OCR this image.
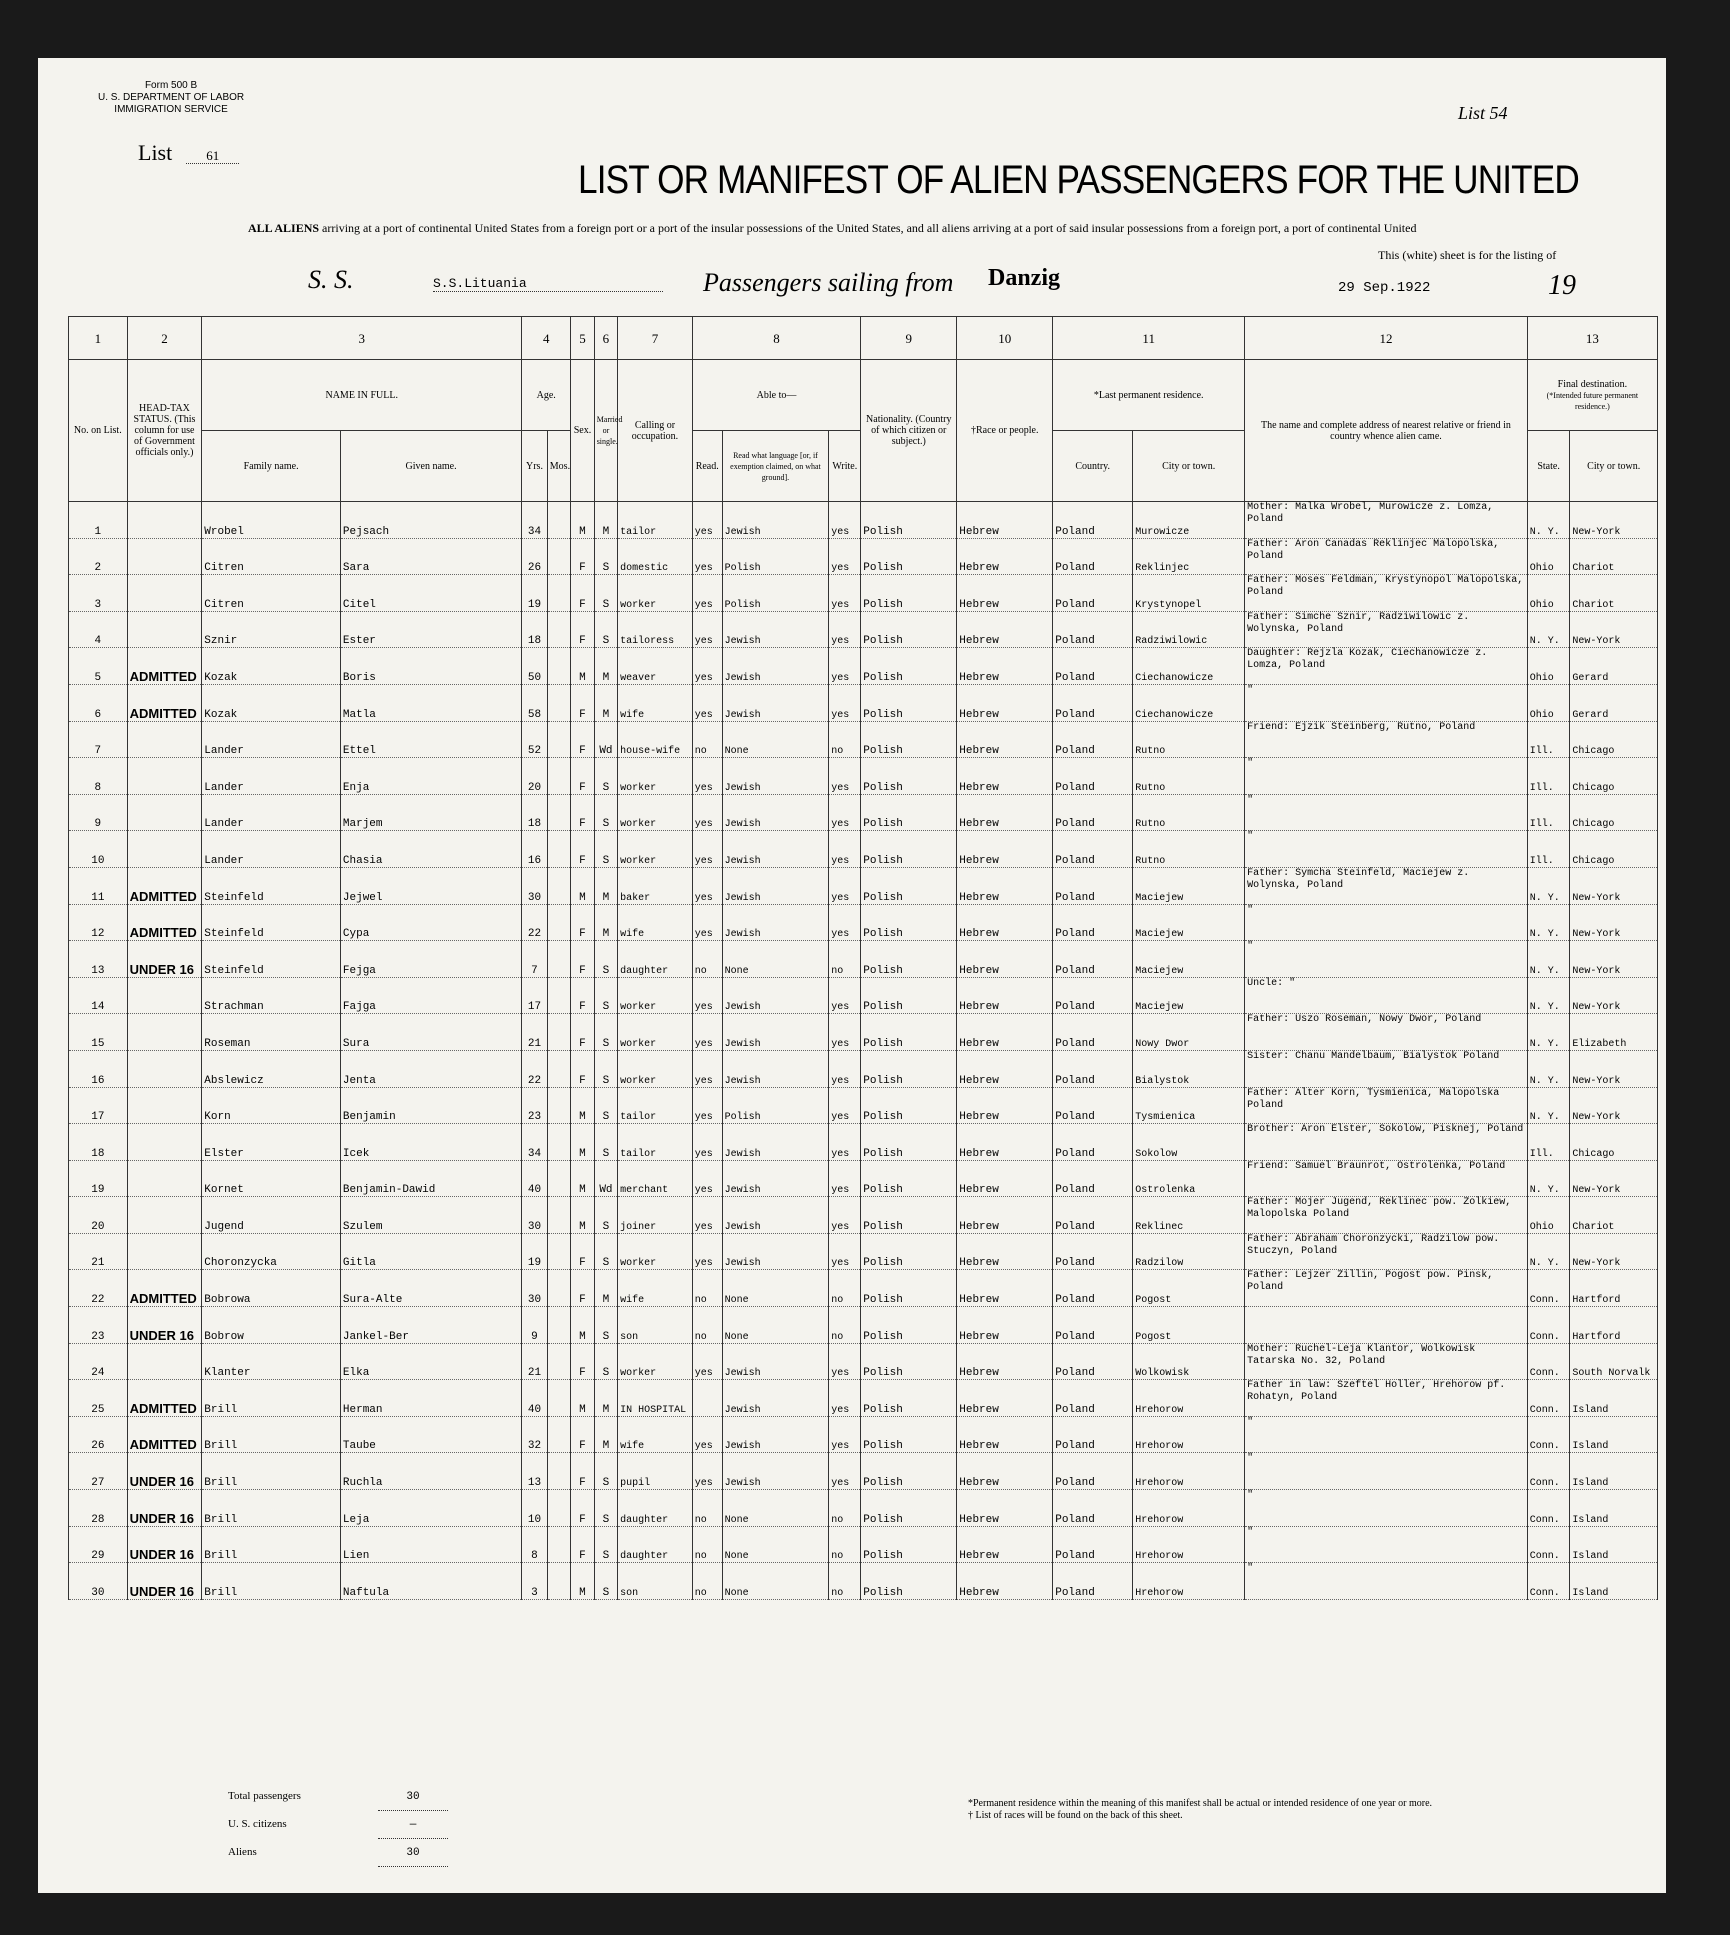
Form 500 B
U. S. DEPARTMENT OF LABOR
IMMIGRATION SERVICE
List	61
List 54
LIST OR MANIFEST OF ALIEN PASSENGERS FOR THE UNITED
ALL ALIENS arriving at a port of continental United States from a foreign port or a port of the insular possessions of the United States, and all aliens arriving at a port of said insular possessions from a foreign port, a port of continental United
This (white) sheet is for the listing of
S. S.	S.S.Lituania	Passengers sailing from Danzig	29 Sep.1922	19
1	2	3		4		5	6	7	8			9	10	11		12	13	
No. on List.	HEAD-TAX STATUS. (This column for use of Government officials only.)	NAME IN FULL.		Age.		Sex.	Married or single.	Calling or occupation.	Able to—			Nationality. (Country of which citizen or subject.)	†Race or people.	*Last permanent residence.		The name and complete address of nearest relative or friend in country whence alien came.	Final destination.
(*Intended future permanent residence.)	
		Family name.	Given name.	Yrs.	Mos.				Read.	Read what language [or, if exemption claimed, on what ground].	Write.			Country.	City or town.		State.	City or town.
1		Wrobel	Pejsach	34		M	M	tailor	yes	Jewish	yes	Polish	Hebrew	Poland	Murowicze	Mother: Malka Wrobel, Murowicze z. Lomza, Poland	N. Y.	New-York
2		Citren	Sara	26		F	S	domestic	yes	Polish	yes	Polish	Hebrew	Poland	Reklinjec	Father: Aron Canadas Reklinjec Malopolska, Poland	Ohio	Chariot
3		Citren	Citel	19		F	S	worker	yes	Polish	yes	Polish	Hebrew	Poland	Krystynopel	Father: Moses Feldman, Krystynopol Malopolska, Poland	Ohio	Chariot
4		Sznir	Ester	18		F	S	tailoress	yes	Jewish	yes	Polish	Hebrew	Poland	Radziwilowic	Father: Simche Sznir, Radziwilowic z. Wolynska, Poland	N. Y.	New-York
5	ADMITTED	Kozak	Boris	50		M	M	weaver	yes	Jewish	yes	Polish	Hebrew	Poland	Ciechanowicze	Daughter: Rejzla Kozak, Ciechanowicze z. Lomza, Poland	Ohio	Gerard
6	ADMITTED	Kozak	Matla	58		F	M	wife	yes	Jewish	yes	Polish	Hebrew	Poland	Ciechanowicze	"	Ohio	Gerard
7		Lander	Ettel	52		F	Wd	house-wife	no	None	no	Polish	Hebrew	Poland	Rutno	Friend: Ejzik Steinberg, Rutno, Poland	Ill.	Chicago
8		Lander	Enja	20		F	S	worker	yes	Jewish	yes	Polish	Hebrew	Poland	Rutno	"	Ill.	Chicago
9		Lander	Marjem	18		F	S	worker	yes	Jewish	yes	Polish	Hebrew	Poland	Rutno	"	Ill.	Chicago
10		Lander	Chasia	16		F	S	worker	yes	Jewish	yes	Polish	Hebrew	Poland	Rutno	"	Ill.	Chicago
11	ADMITTED	Steinfeld	Jejwel	30		M	M	baker	yes	Jewish	yes	Polish	Hebrew	Poland	Maciejew	Father: Symcha Steinfeld, Maciejew z. Wolynska, Poland	N. Y.	New-York
12	ADMITTED	Steinfeld	Cypa	22		F	M	wife	yes	Jewish	yes	Polish	Hebrew	Poland	Maciejew	"	N. Y.	New-York
13	UNDER 16	Steinfeld	Fejga	7		F	S	daughter	no	None	no	Polish	Hebrew	Poland	Maciejew	"	N. Y.	New-York
14		Strachman	Fajga	17		F	S	worker	yes	Jewish	yes	Polish	Hebrew	Poland	Maciejew	Uncle: "	N. Y.	New-York
15		Roseman	Sura	21		F	S	worker	yes	Jewish	yes	Polish	Hebrew	Poland	Nowy Dwor	Father: Uszo Roseman, Nowy Dwor, Poland	N. Y.	Elizabeth
16		Abslewicz	Jenta	22		F	S	worker	yes	Jewish	yes	Polish	Hebrew	Poland	Bialystok	Sister: Chanu Mandelbaum, Bialystok Poland	N. Y.	New-York
17		Korn	Benjamin	23		M	S	tailor	yes	Polish	yes	Polish	Hebrew	Poland	Tysmienica	Father: Alter Korn, Tysmienica, Malopolska Poland	N. Y.	New-York
18		Elster	Icek	34		M	S	tailor	yes	Jewish	yes	Polish	Hebrew	Poland	Sokolow	Brother: Aron Elster, Sokolow, Pisknej, Poland	Ill.	Chicago
19		Kornet	Benjamin-Dawid	40		M	Wd	merchant	yes	Jewish	yes	Polish	Hebrew	Poland	Ostrolenka	Friend: Samuel Braunrot, Ostrolenka, Poland	N. Y.	New-York
20		Jugend	Szulem	30		M	S	joiner	yes	Jewish	yes	Polish	Hebrew	Poland	Reklinec	Father: Mojer Jugend, Reklinec pow. Zolkiew, Malopolska Poland	Ohio	Chariot
21		Choronzycka	Gitla	19		F	S	worker	yes	Jewish	yes	Polish	Hebrew	Poland	Radzilow	Father: Abraham Choronzycki, Radzilow pow. Stuczyn, Poland	N. Y.	New-York
22	ADMITTED	Bobrowa	Sura-Alte	30		F	M	wife	no	None	no	Polish	Hebrew	Poland	Pogost	Father: Lejzer Zillin, Pogost pow. Pinsk, Poland	Conn.	Hartford
23	UNDER 16	Bobrow	Jankel-Ber	9		M	S	son	no	None	no	Polish	Hebrew	Poland	Pogost		Conn.	Hartford
24		Klanter	Elka	21		F	S	worker	yes	Jewish	yes	Polish	Hebrew	Poland	Wolkowisk	Mother: Ruchel-Leja Klantor, Wolkowisk Tatarska No. 32, Poland	Conn.	South Norvalk
25	ADMITTED	Brill	Herman	40		M	M	IN HOSPITAL		Jewish	yes	Polish	Hebrew	Poland	Hrehorow	Father in law: Szeftel Holler, Hrehorow pf. Rohatyn, Poland	Conn.	Island
26	ADMITTED	Brill	Taube	32		F	M	wife	yes	Jewish	yes	Polish	Hebrew	Poland	Hrehorow	"	Conn.	Island
27	UNDER 16	Brill	Ruchla	13		F	S	pupil	yes	Jewish	yes	Polish	Hebrew	Poland	Hrehorow	"	Conn.	Island
28	UNDER 16	Brill	Leja	10		F	S	daughter	no	None	no	Polish	Hebrew	Poland	Hrehorow	"	Conn.	Island
29	UNDER 16	Brill	Lien	8		F	S	daughter	no	None	no	Polish	Hebrew	Poland	Hrehorow	"	Conn.	Island
30	UNDER 16	Brill	Naftula	3		M	S	son	no	None	no	Polish	Hebrew	Poland	Hrehorow	"	Conn.	Island
Total passengers	30
U. S. citizens	—
Aliens	30
*Permanent residence within the meaning of this manifest shall be actual or intended residence of one year or more.
† List of races will be found on the back of this sheet.
